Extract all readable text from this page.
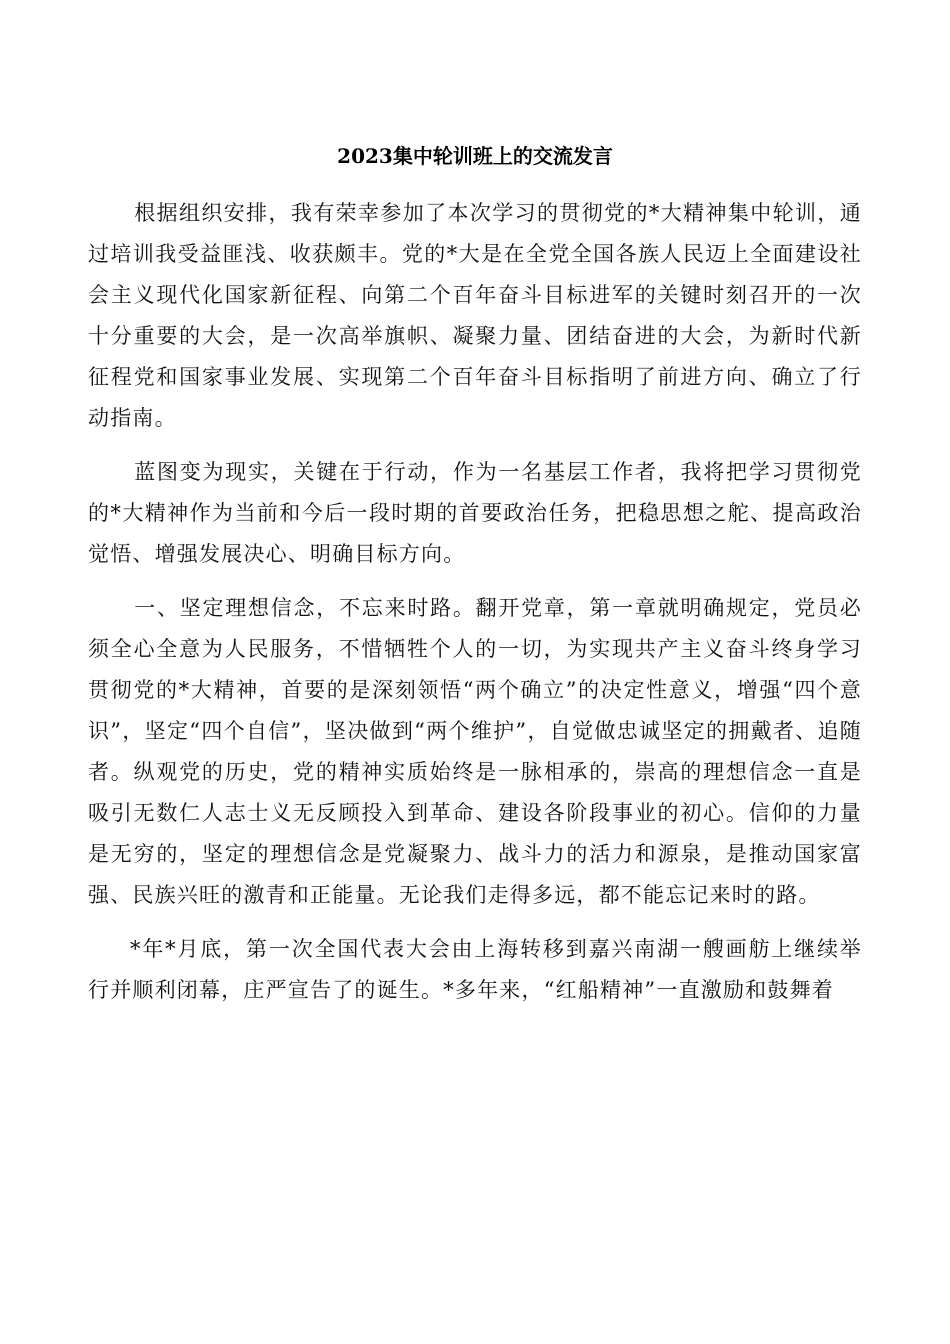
2023集中轮训班上的交流发言

根据组织安排，我有荣幸参加了本次学习的贯彻党的*大精神集中轮训，通过培训我受益匪浅、收获颇丰。党的*大是在全党全国各族人民迈上全面建设社会主义现代化国家新征程、向第二个百年奋斗目标进军的关键时刻召开的一次十分重要的大会，是一次高举旗帜、凝聚力量、团结奋进的大会，为新时代新征程党和国家事业发展、实现第二个百年奋斗目标指明了前进方向、确立了行动指南。

蓝图变为现实，关键在于行动，作为一名基层工作者，我将把学习贯彻党的*大精神作为当前和今后一段时期的首要政治任务，把稳思想之舵、提高政治觉悟、增强发展决心、明确目标方向。

一、坚定理想信念，不忘来时路。翻开党章，第一章就明确规定，党员必须全心全意为人民服务，不惜牺牲个人的一切，为实现共产主义奋斗终身学习贯彻党的*大精神，首要的是深刻领悟“两个确立”的决定性意义，增强“四个意识”，坚定“四个自信”，坚决做到“两个维护”，自觉做忠诚坚定的拥戴者、追随者。纵观党的历史，党的精神实质始终是一脉相承的，崇高的理想信念一直是吸引无数仁人志士义无反顾投入到革命、建设各阶段事业的初心。信仰的力量是无穷的，坚定的理想信念是党凝聚力、战斗力的活力和源泉，是推动国家富强、民族兴旺的激青和正能量。无论我们走得多远，都不能忘记来时的路。

*年*月底，第一次全国代表大会由上海转移到嘉兴南湖一艘画舫上继续举行并顺利闭幕，庄严宣告了的诞生。*多年来，“红船精神”一直激励和鼓舞着
